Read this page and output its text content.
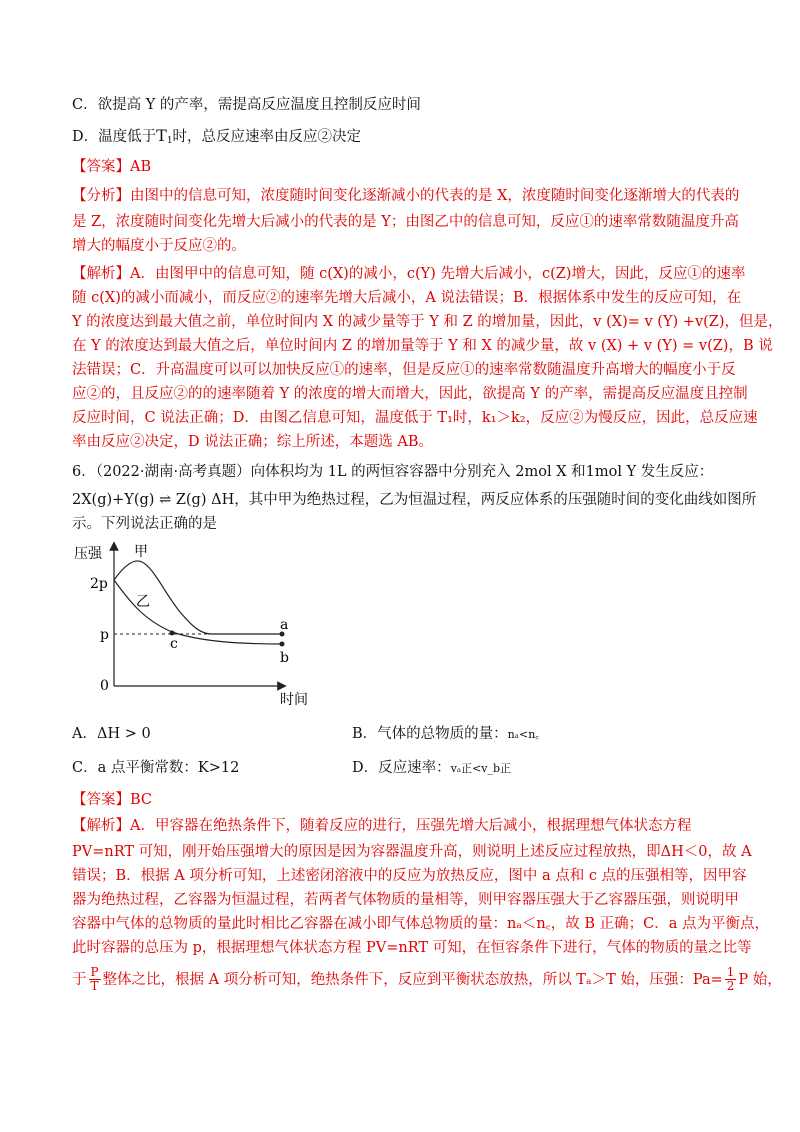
C．欲提高 Y 的产率，需提高反应温度且控制反应时间
D．温度低于$T_1$时，总反应速率由反应②决定
【答案】AB
【分析】由图中的信息可知，浓度随时间变化逐渐减小的代表的是 X，浓度随时间变化逐渐增大的代表的
是 Z，浓度随时间变化先增大后减小的代表的是 Y；由图乙中的信息可知，反应①的速率常数随温度升高
增大的幅度小于反应②的。
【解析】A．由图甲中的信息可知，随 c(X)的减小，c(Y) 先增大后减小，c(Z)增大，因此，反应①的速率
随 c(X)的减小而减小，而反应②的速率先增大后减小，A 说法错误；B．根据体系中发生的反应可知，在
Y 的浓度达到最大值之前，单位时间内 X 的减少量等于 Y 和 Z 的增加量，因此，v (X)= v (Y) +v(Z)，但是，
在 Y 的浓度达到最大值之后，单位时间内 Z 的增加量等于 Y 和 X 的减少量，故 v (X) + v (Y) = v(Z)，B 说
法错误；C．升高温度可以可以加快反应①的速率，但是反应①的速率常数随温度升高增大的幅度小于反
应②的，且反应②的的速率随着 Y 的浓度的增大而增大，因此，欲提高 Y 的产率，需提高反应温度且控制
反应时间，C 说法正确；D．由图乙信息可知，温度低于 T₁时，k₁＞k₂，反应②为慢反应，因此，总反应速
率由反应②决定，D 说法正确；综上所述，本题选 AB。
6．（2022·湖南·高考真题）向体积均为 1L 的两恒容容器中分别充入 2mol X 和1mol Y 发生反应：
2X(g)+Y(g) ⇌ Z(g) ΔH，其中甲为绝热过程，乙为恒温过程，两反应体系的压强随时间的变化曲线如图所
示。下列说法正确的是
压强
时间
2p
p
0
甲
乙
a
b
c
A．ΔH > 0	B．气体的总物质的量：nₐ<n꜀
C．a 点平衡常数：K>12	D．反应速率：vₐ正<v_b正
【答案】BC
【解析】A．甲容器在绝热条件下，随着反应的进行，压强先增大后减小，根据理想气体状态方程
PV=nRT 可知，刚开始压强增大的原因是因为容器温度升高，则说明上述反应过程放热，即ΔH＜0，故 A
错误；B．根据 A 项分析可知，上述密闭溶液中的反应为放热反应，图中 a 点和 c 点的压强相等，因甲容
器为绝热过程，乙容器为恒温过程，若两者气体物质的量相等，则甲容器压强大于乙容器压强，则说明甲
容器中气体的总物质的量此时相比乙容器在减小即气体总物质的量：nₐ＜n꜀，故 B 正确；C．a 点为平衡点，
此时容器的总压为 p，根据理想气体状态方程 PV=nRT 可知，在恒容条件下进行，气体的物质的量之比等
于 P
T 整体之比，根据 A 项分析可知，绝热条件下，反应到平衡状态放热，所以 Tₐ＞T 始，压强：$Pa= \frac{1}{2}$ P 始，
